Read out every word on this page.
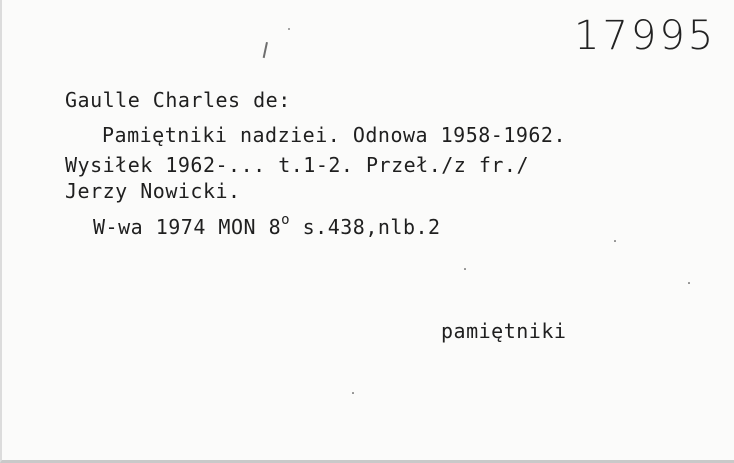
17995
Gaulle Charles de:
Pamiętniki nadziei. Odnowa 1958-1962.
Wysiłek 1962-... t.1-2. Przeł./z fr./
Jerzy Nowicki.
W-wa 1974 MON 8$^o$ s.438,nlb.2
pamiętniki
